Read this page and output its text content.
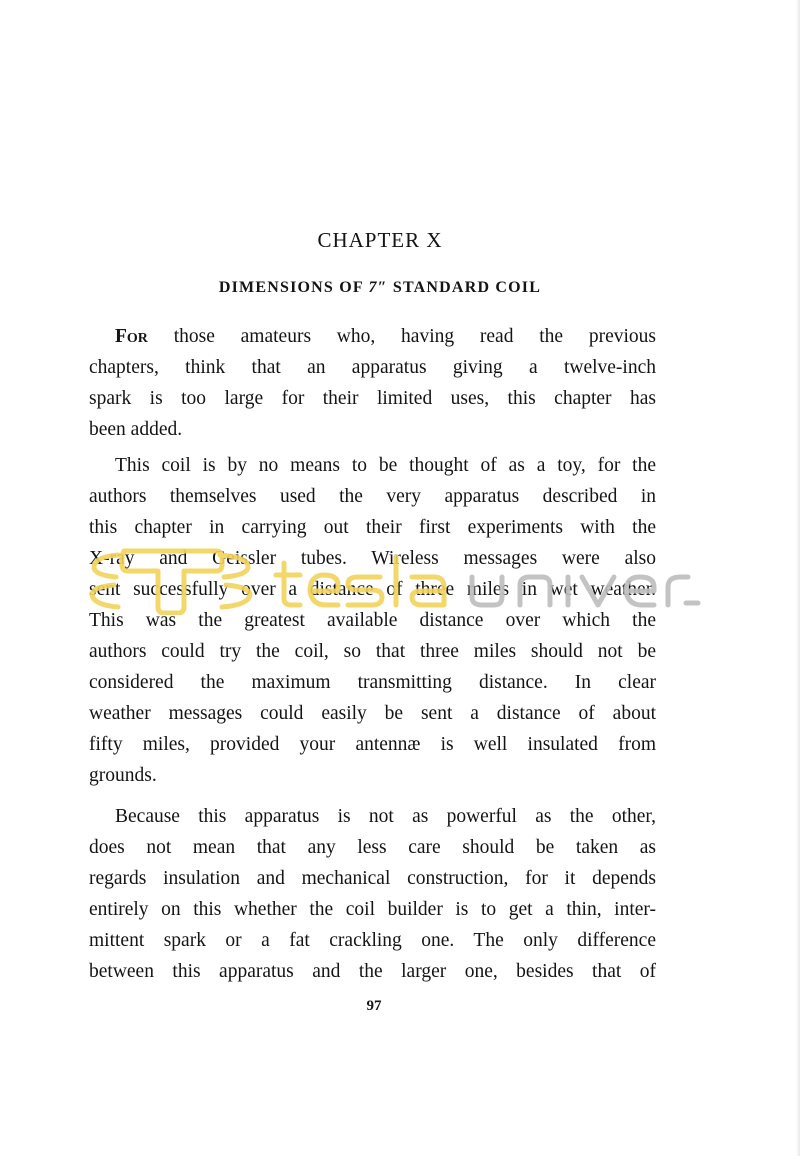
CHAPTER X
DIMENSIONS OF 7″ STANDARD COIL
For those amateurs who, having read the previous
chapters, think that an apparatus giving a twelve-inch
spark is too large for their limited uses, this chapter has
been added.
This coil is by no means to be thought of as a toy, for the
authors themselves used the very apparatus described in
this chapter in carrying out their first experiments with the
X-ray and Geissler tubes. Wireless messages were also
sent successfully over a distance of three miles in wet weather.
This was the greatest available distance over which the
authors could try the coil, so that three miles should not be
considered the maximum transmitting distance. In clear
weather messages could easily be sent a distance of about
fifty miles, provided your antennæ is well insulated from
grounds.
Because this apparatus is not as powerful as the other,
does not mean that any less care should be taken as
regards insulation and mechanical construction, for it depends
entirely on this whether the coil builder is to get a thin, inter-
mittent spark or a fat crackling one. The only difference
between this apparatus and the larger one, besides that of
97
